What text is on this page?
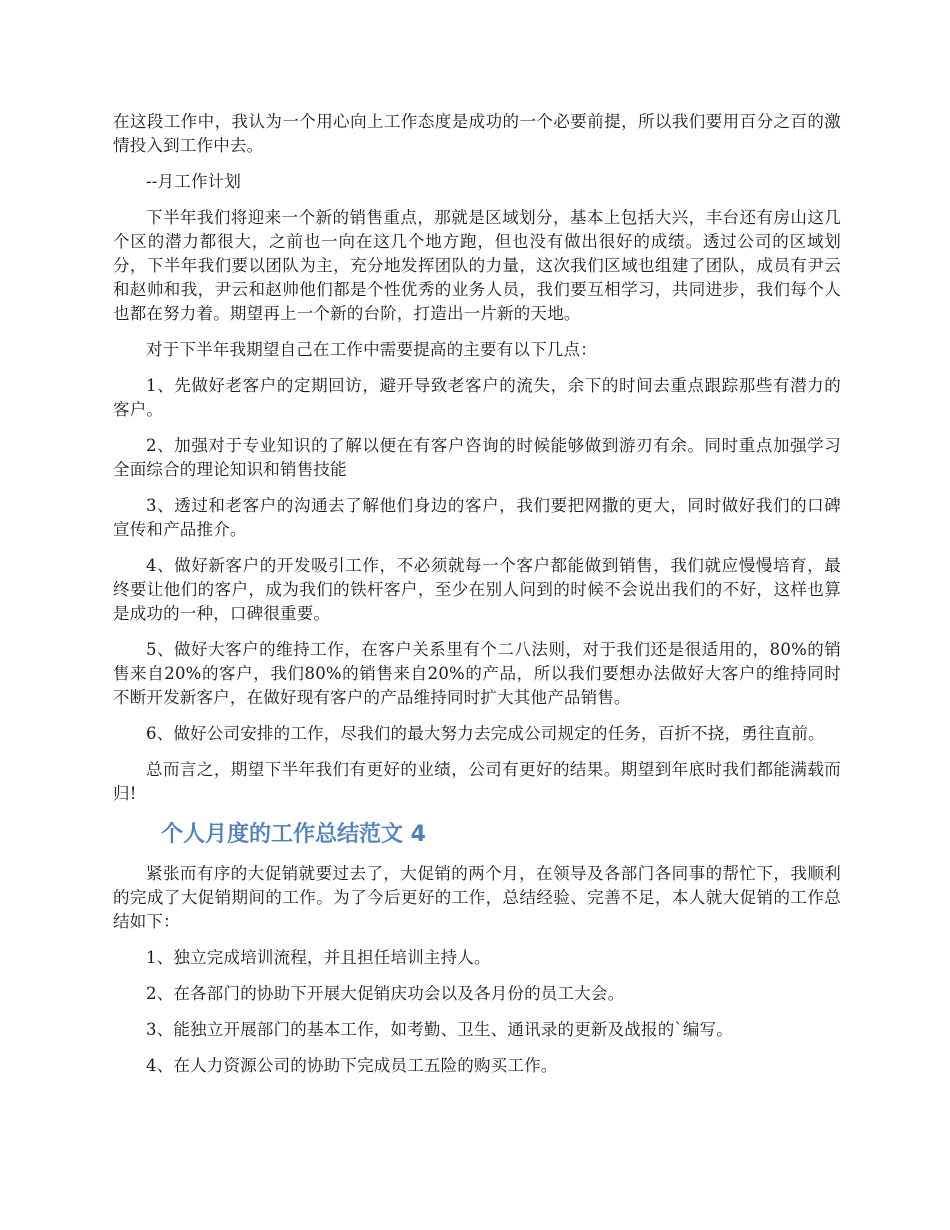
在这段工作中，我认为一个用心向上工作态度是成功的一个必要前提，所以我们要用百分之百的激情投入到工作中去。

--月工作计划

下半年我们将迎来一个新的销售重点，那就是区域划分，基本上包括大兴，丰台还有房山这几个区的潜力都很大，之前也一向在这几个地方跑，但也没有做出很好的成绩。透过公司的区域划分，下半年我们要以团队为主，充分地发挥团队的力量，这次我们区域也组建了团队，成员有尹云和赵帅和我，尹云和赵帅他们都是个性优秀的业务人员，我们要互相学习，共同进步，我们每个人也都在努力着。期望再上一个新的台阶，打造出一片新的天地。

对于下半年我期望自己在工作中需要提高的主要有以下几点：

1、先做好老客户的定期回访，避开导致老客户的流失，余下的时间去重点跟踪那些有潜力的客户。

2、加强对于专业知识的了解以便在有客户咨询的时候能够做到游刃有余。同时重点加强学习全面综合的理论知识和销售技能

3、透过和老客户的沟通去了解他们身边的客户，我们要把网撒的更大，同时做好我们的口碑宣传和产品推介。

4、做好新客户的开发吸引工作，不必须就每一个客户都能做到销售，我们就应慢慢培育，最终要让他们的客户，成为我们的铁杆客户，至少在别人问到的时候不会说出我们的不好，这样也算是成功的一种，口碑很重要。

5、做好大客户的维持工作，在客户关系里有个二八法则，对于我们还是很适用的，80%的销售来自20%的客户，我们80%的销售来自20%的产品，所以我们要想办法做好大客户的维持同时不断开发新客户，在做好现有客户的产品维持同时扩大其他产品销售。

6、做好公司安排的工作，尽我们的最大努力去完成公司规定的任务，百折不挠，勇往直前。

总而言之，期望下半年我们有更好的业绩，公司有更好的结果。期望到年底时我们都能满载而归!

个人月度的工作总结范文 4

紧张而有序的大促销就要过去了，大促销的两个月，在领导及各部门各同事的帮忙下，我顺利的完成了大促销期间的工作。为了今后更好的工作，总结经验、完善不足，本人就大促销的工作总结如下：

1、独立完成培训流程，并且担任培训主持人。

2、在各部门的协助下开展大促销庆功会以及各月份的员工大会。

3、能独立开展部门的基本工作，如考勤、卫生、通讯录的更新及战报的`编写。

4、在人力资源公司的协助下完成员工五险的购买工作。
